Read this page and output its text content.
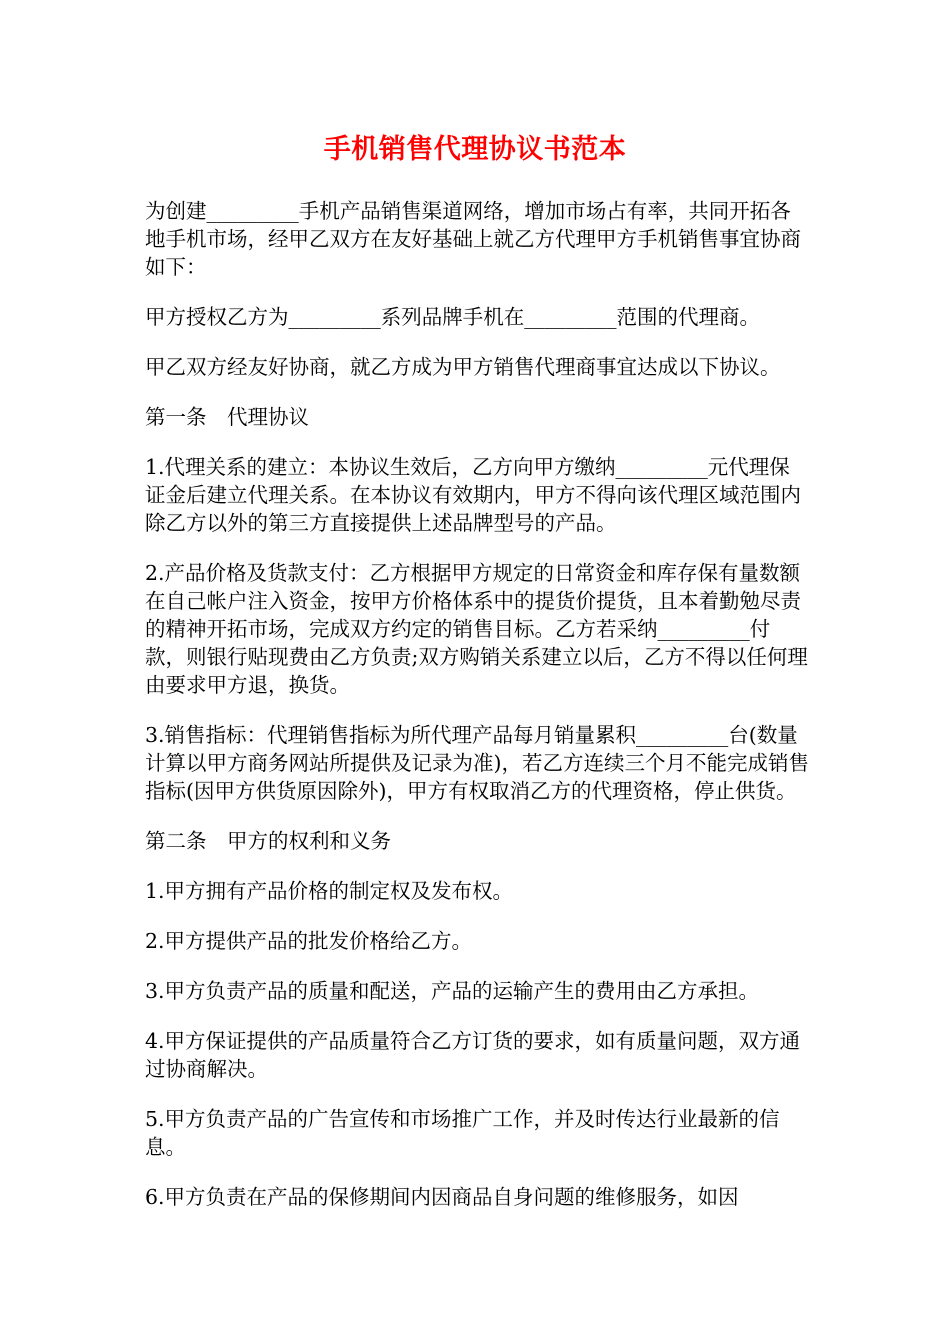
手机销售代理协议书范本

为创建_________手机产品销售渠道网络，增加市场占有率，共同开拓各地手机市场，经甲乙双方在友好基础上就乙方代理甲方手机销售事宜协商如下：

甲方授权乙方为_________系列品牌手机在_________范围的代理商。

甲乙双方经友好协商，就乙方成为甲方销售代理商事宜达成以下协议。

第一条　代理协议

1.代理关系的建立：本协议生效后，乙方向甲方缴纳_________元代理保证金后建立代理关系。在本协议有效期内，甲方不得向该代理区域范围内除乙方以外的第三方直接提供上述品牌型号的产品。

2.产品价格及货款支付：乙方根据甲方规定的日常资金和库存保有量数额在自己帐户注入资金，按甲方价格体系中的提货价提货，且本着勤勉尽责的精神开拓市场，完成双方约定的销售目标。乙方若采纳_________付款，则银行贴现费由乙方负责;双方购销关系建立以后，乙方不得以任何理由要求甲方退，换货。

3.销售指标：代理销售指标为所代理产品每月销量累积_________台(数量计算以甲方商务网站所提供及记录为准)，若乙方连续三个月不能完成销售指标(因甲方供货原因除外)，甲方有权取消乙方的代理资格，停止供货。

第二条　甲方的权利和义务

1.甲方拥有产品价格的制定权及发布权。

2.甲方提供产品的批发价格给乙方。

3.甲方负责产品的质量和配送，产品的运输产生的费用由乙方承担。

4.甲方保证提供的产品质量符合乙方订货的要求，如有质量问题，双方通过协商解决。

5.甲方负责产品的广告宣传和市场推广工作，并及时传达行业最新的信息。

6.甲方负责在产品的保修期间内因商品自身问题的维修服务，如因
